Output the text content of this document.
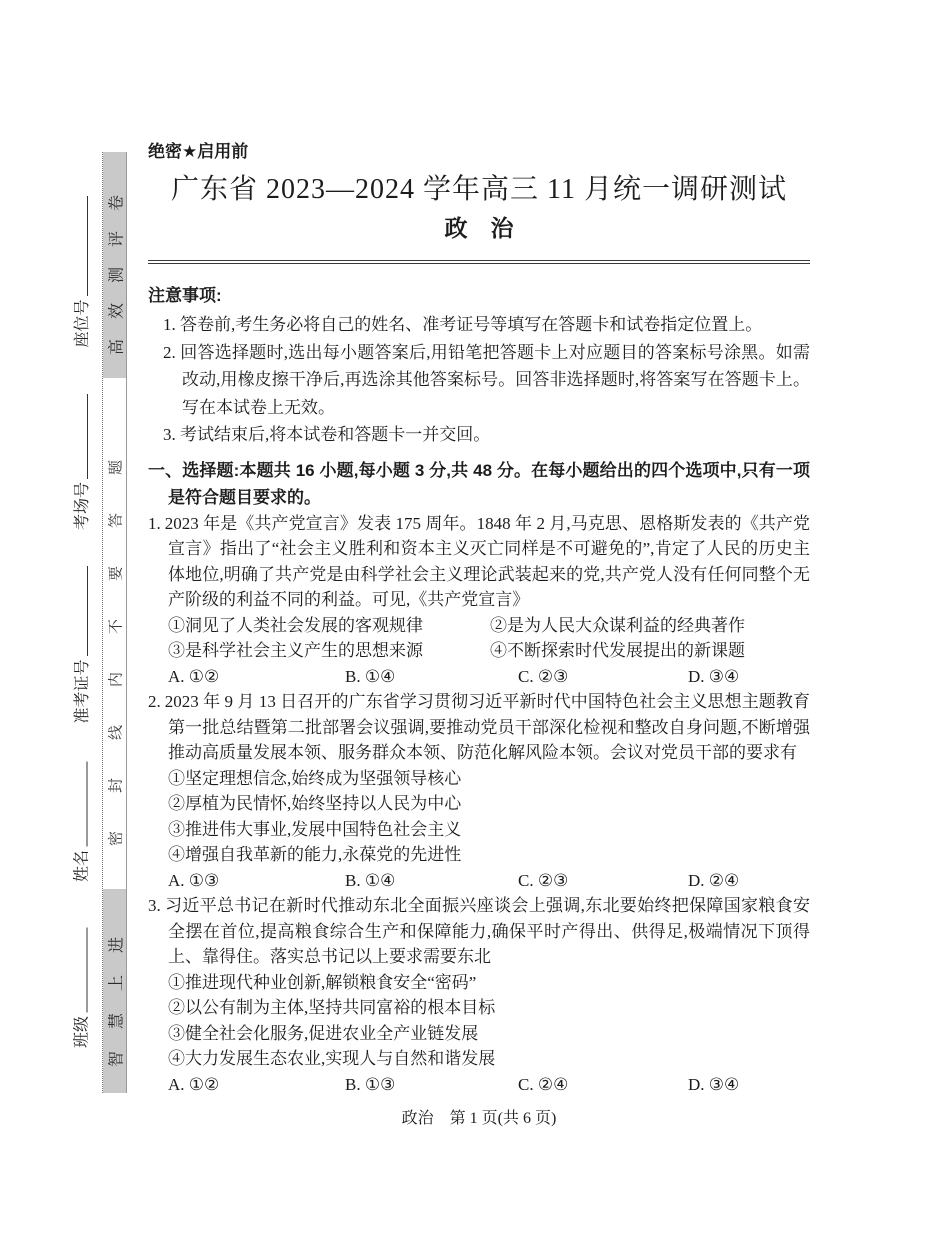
座位号
考场号
准考证号
姓名
班级
高效测评卷
密封线内不要答题
智慧上进
绝密★启用前
广东省 2023—2024 学年高三 11 月统一调研测试
政　治
注意事项:

1. 答卷前,考生务必将自己的姓名、准考证号等填写在答题卡和试卷指定位置上。

2. 回答选择题时,选出每小题答案后,用铅笔把答题卡上对应题目的答案标号涂黑。如需改动,用橡皮擦干净后,再选涂其他答案标号。回答非选择题时,将答案写在答题卡上。写在本试卷上无效。

3. 考试结束后,将本试卷和答题卡一并交回。

一、选择题:本题共 16 小题,每小题 3 分,共 48 分。在每小题给出的四个选项中,只有一项是符合题目要求的。

1. 2023 年是《共产党宣言》发表 175 周年。1848 年 2 月,马克思、恩格斯发表的《共产党宣言》指出了“社会主义胜利和资本主义灭亡同样是不可避免的”,肯定了人民的历史主体地位,明确了共产党是由科学社会主义理论武装起来的党,共产党人没有任何同整个无产阶级的利益不同的利益。可见,《共产党宣言》

①洞见了人类社会发展的客观规律	②是为人民大众谋利益的经典著作
③是科学社会主义产生的思想来源	④不断探索时代发展提出的新课题
A. ①②	B. ①④	C. ②③	D. ③④

2. 2023 年 9 月 13 日召开的广东省学习贯彻习近平新时代中国特色社会主义思想主题教育第一批总结暨第二批部署会议强调,要推动党员干部深化检视和整改自身问题,不断增强推动高质量发展本领、服务群众本领、防范化解风险本领。会议对党员干部的要求有

①坚定理想信念,始终成为坚强领导核心
②厚植为民情怀,始终坚持以人民为中心
③推进伟大事业,发展中国特色社会主义
④增强自我革新的能力,永葆党的先进性
A. ①③	B. ①④	C. ②③	D. ②④

3. 习近平总书记在新时代推动东北全面振兴座谈会上强调,东北要始终把保障国家粮食安全摆在首位,提高粮食综合生产和保障能力,确保平时产得出、供得足,极端情况下顶得上、靠得住。落实总书记以上要求需要东北

①推进现代种业创新,解锁粮食安全“密码”
②以公有制为主体,坚持共同富裕的根本目标
③健全社会化服务,促进农业全产业链发展
④大力发展生态农业,实现人与自然和谐发展
A. ①②	B. ①③	C. ②④	D. ③④
政治　第 1 页(共 6 页)
